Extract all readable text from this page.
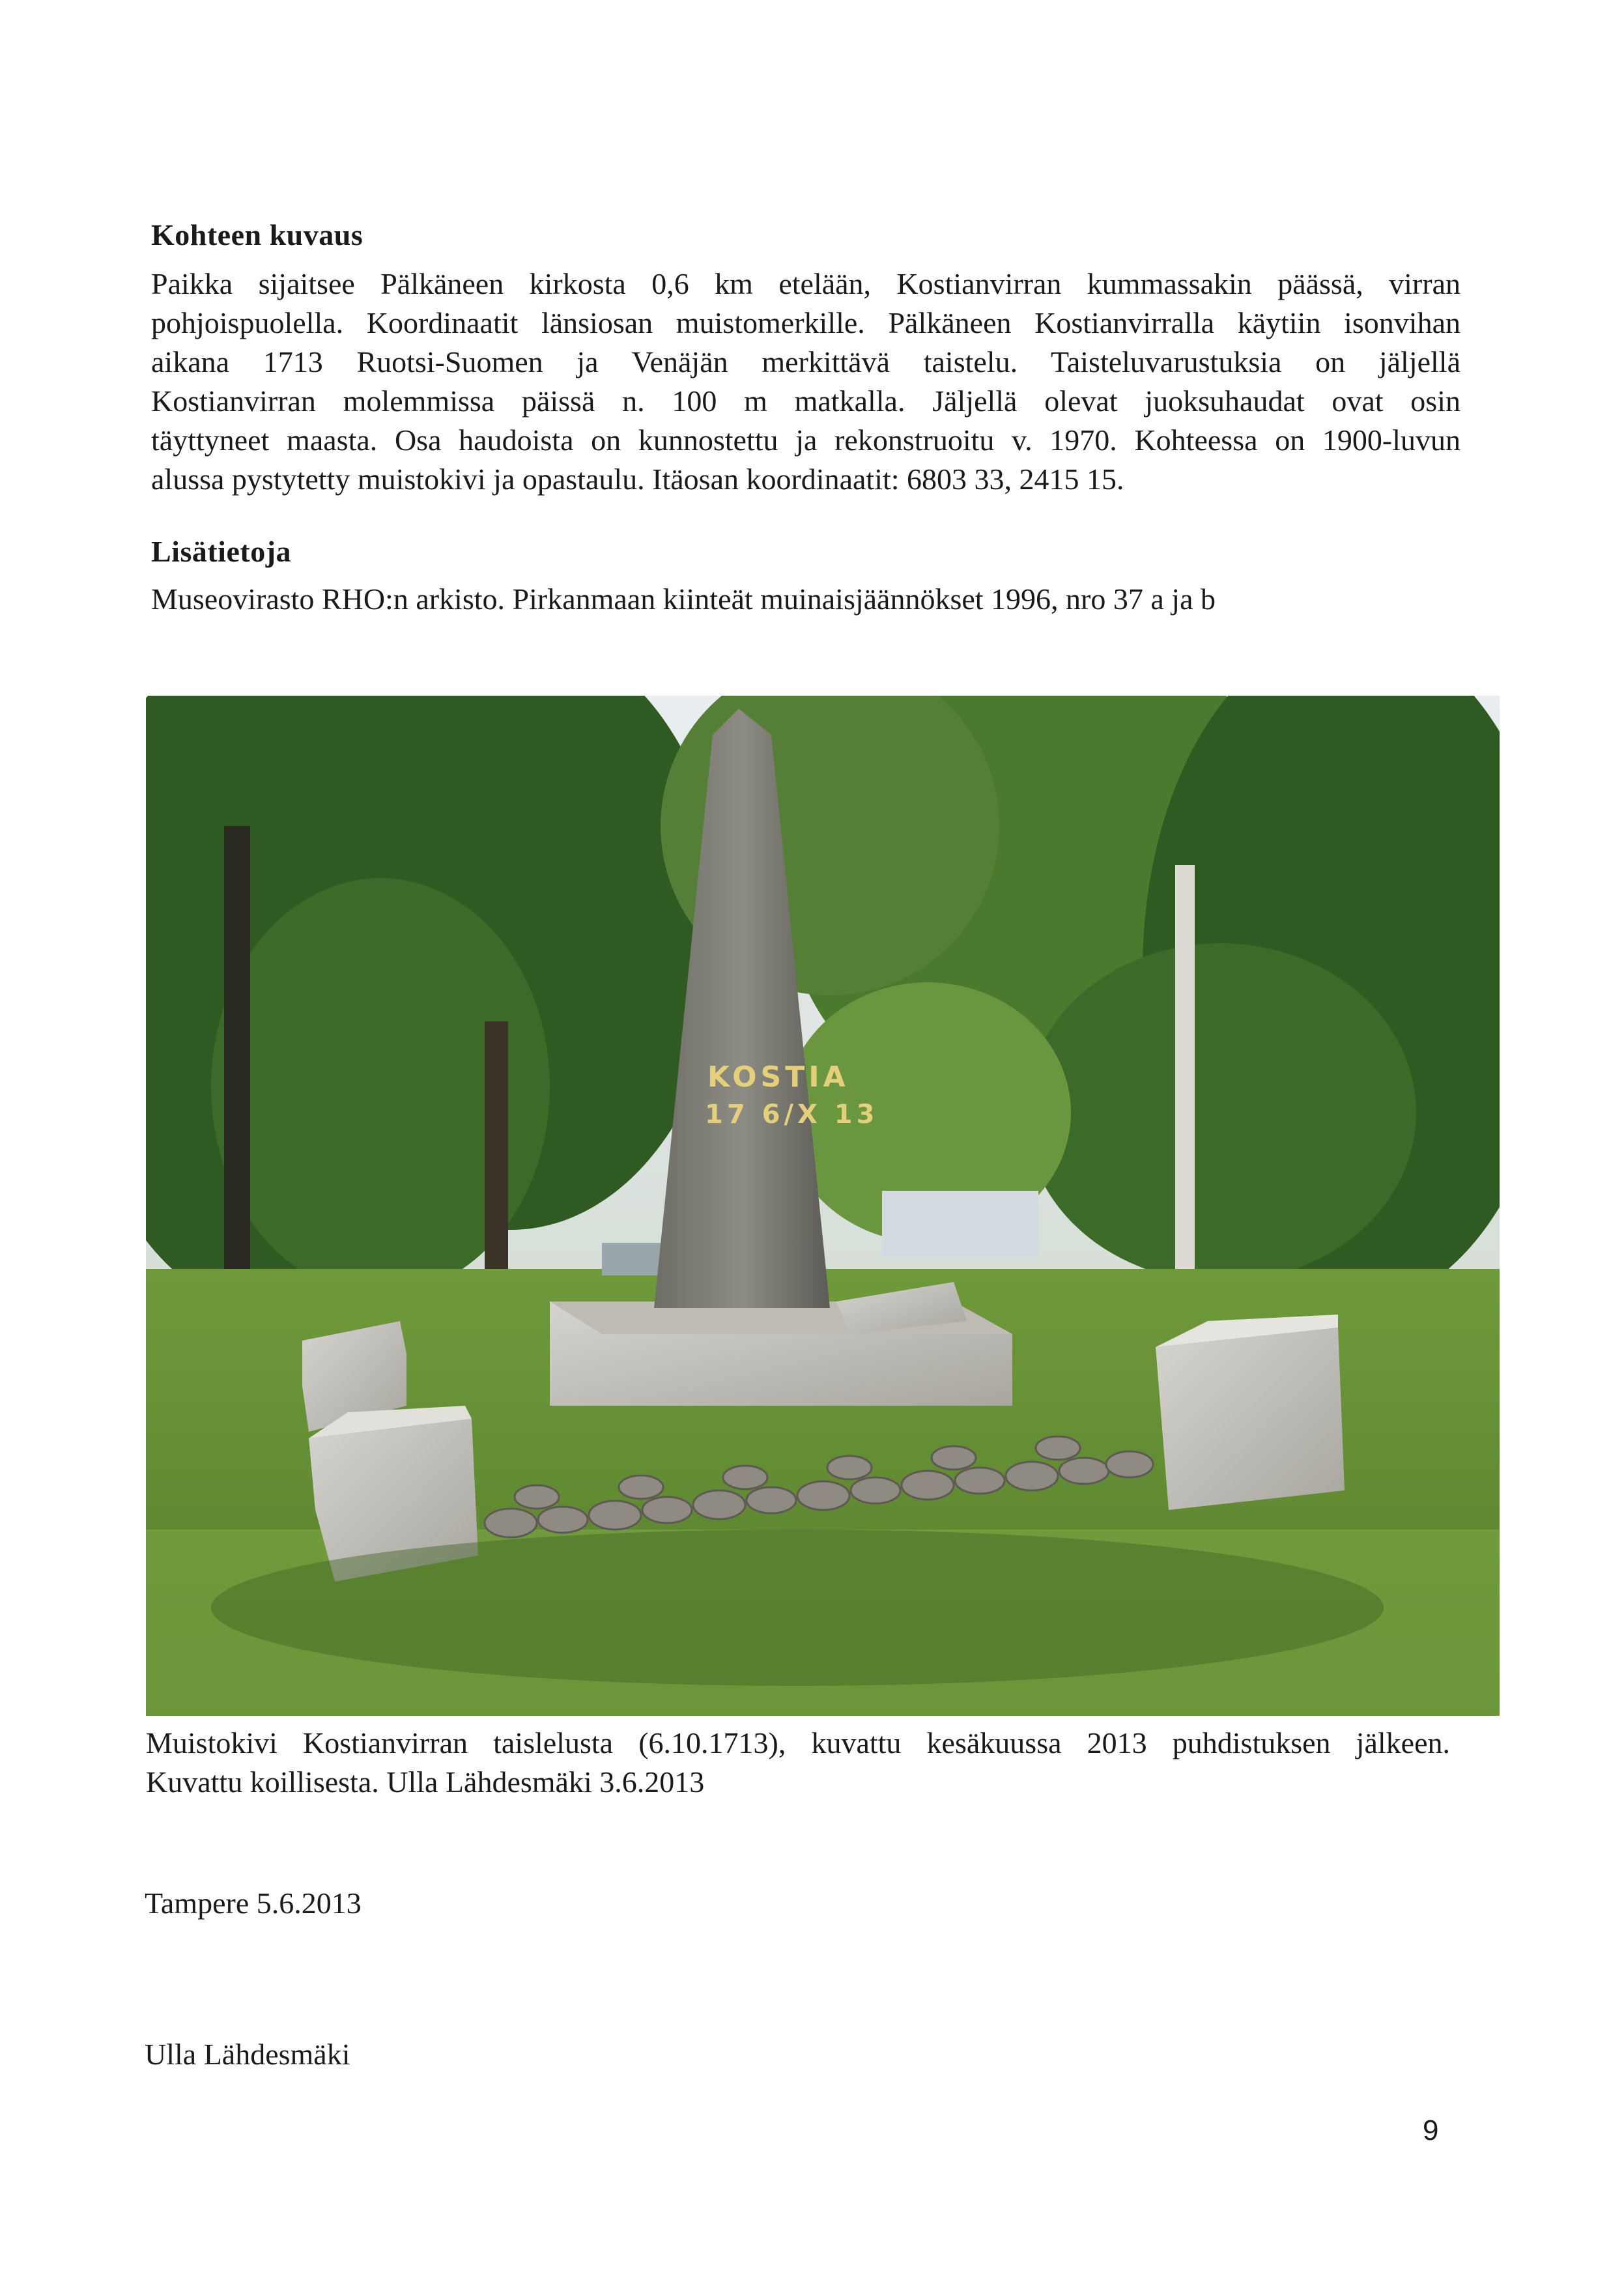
Kohteen kuvaus
Paikka sijaitsee Pälkäneen kirkosta 0,6 km etelään, Kostianvirran kummassakin päässä, virran
pohjoispuolella. Koordinaatit länsiosan muistomerkille. Pälkäneen Kostianvirralla käytiin isonvihan
aikana 1713 Ruotsi-Suomen ja Venäjän merkittävä taistelu. Taisteluvarustuksia on jäljellä
Kostianvirran molemmissa päissä n. 100 m matkalla. Jäljellä olevat juoksuhaudat ovat osin
täyttyneet maasta. Osa haudoista on kunnostettu ja rekonstruoitu v. 1970. Kohteessa on 1900-luvun
alussa pystytetty muistokivi ja opastaulu. Itäosan koordinaatit: 6803 33, 2415 15.
Lisätietoja
Museovirasto RHO:n arkisto. Pirkanmaan kiinteät muinaisjäännökset 1996, nro 37 a ja b
KOSTIA
17 6/X 13
Muistokivi Kostianvirran taislelusta (6.10.1713), kuvattu kesäkuussa 2013 puhdistuksen jälkeen.
Kuvattu koillisesta. Ulla Lähdesmäki 3.6.2013
Tampere 5.6.2013
Ulla Lähdesmäki
9
